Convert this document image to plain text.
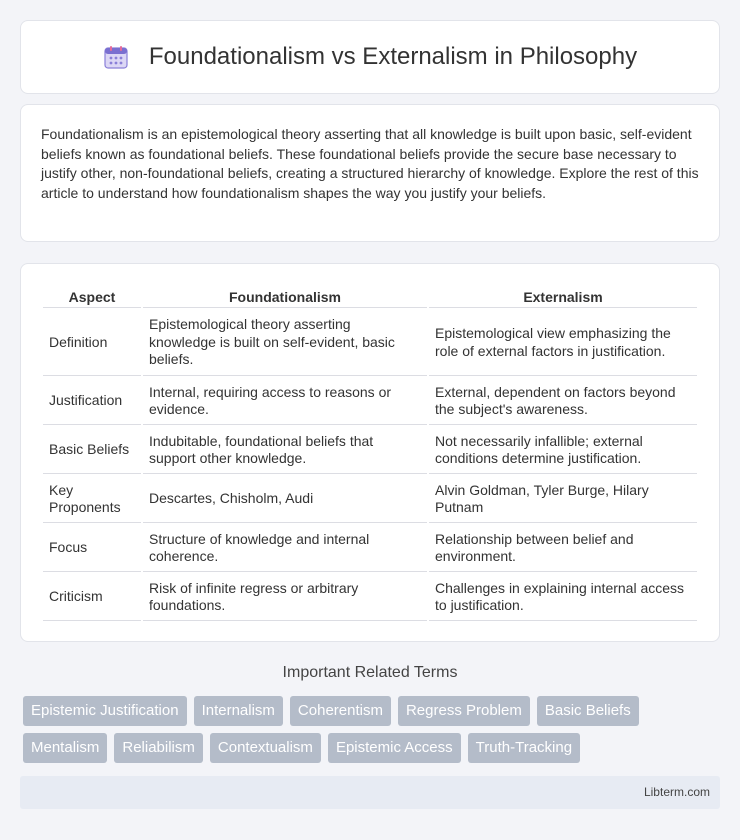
Foundationalism vs Externalism in Philosophy

Foundationalism is an epistemological theory asserting that all knowledge is built upon basic, self-evident beliefs known as foundational beliefs. These foundational beliefs provide the secure base necessary to justify other, non-foundational beliefs, creating a structured hierarchy of knowledge. Explore the rest of this article to understand how foundationalism shapes the way you justify your beliefs.

Aspect	Foundationalism	Externalism
Definition	Epistemological theory asserting knowledge is built on self-evident, basic beliefs.	Epistemological view emphasizing the role of external factors in justification.
Justification	Internal, requiring access to reasons or evidence.	External, dependent on factors beyond the subject's awareness.
Basic Beliefs	Indubitable, foundational beliefs that support other knowledge.	Not necessarily infallible; external conditions determine justification.
Key Proponents	Descartes, Chisholm, Audi	Alvin Goldman, Tyler Burge, Hilary Putnam
Focus	Structure of knowledge and internal coherence.	Relationship between belief and environment.
Criticism	Risk of infinite regress or arbitrary foundations.	Challenges in explaining internal access to justification.
Important Related Terms
Epistemic Justification	Internalism	Coherentism	Regress Problem	Basic Beliefs
Mentalism	Reliabilism	Contextualism	Epistemic Access	Truth-Tracking
Libterm.com
